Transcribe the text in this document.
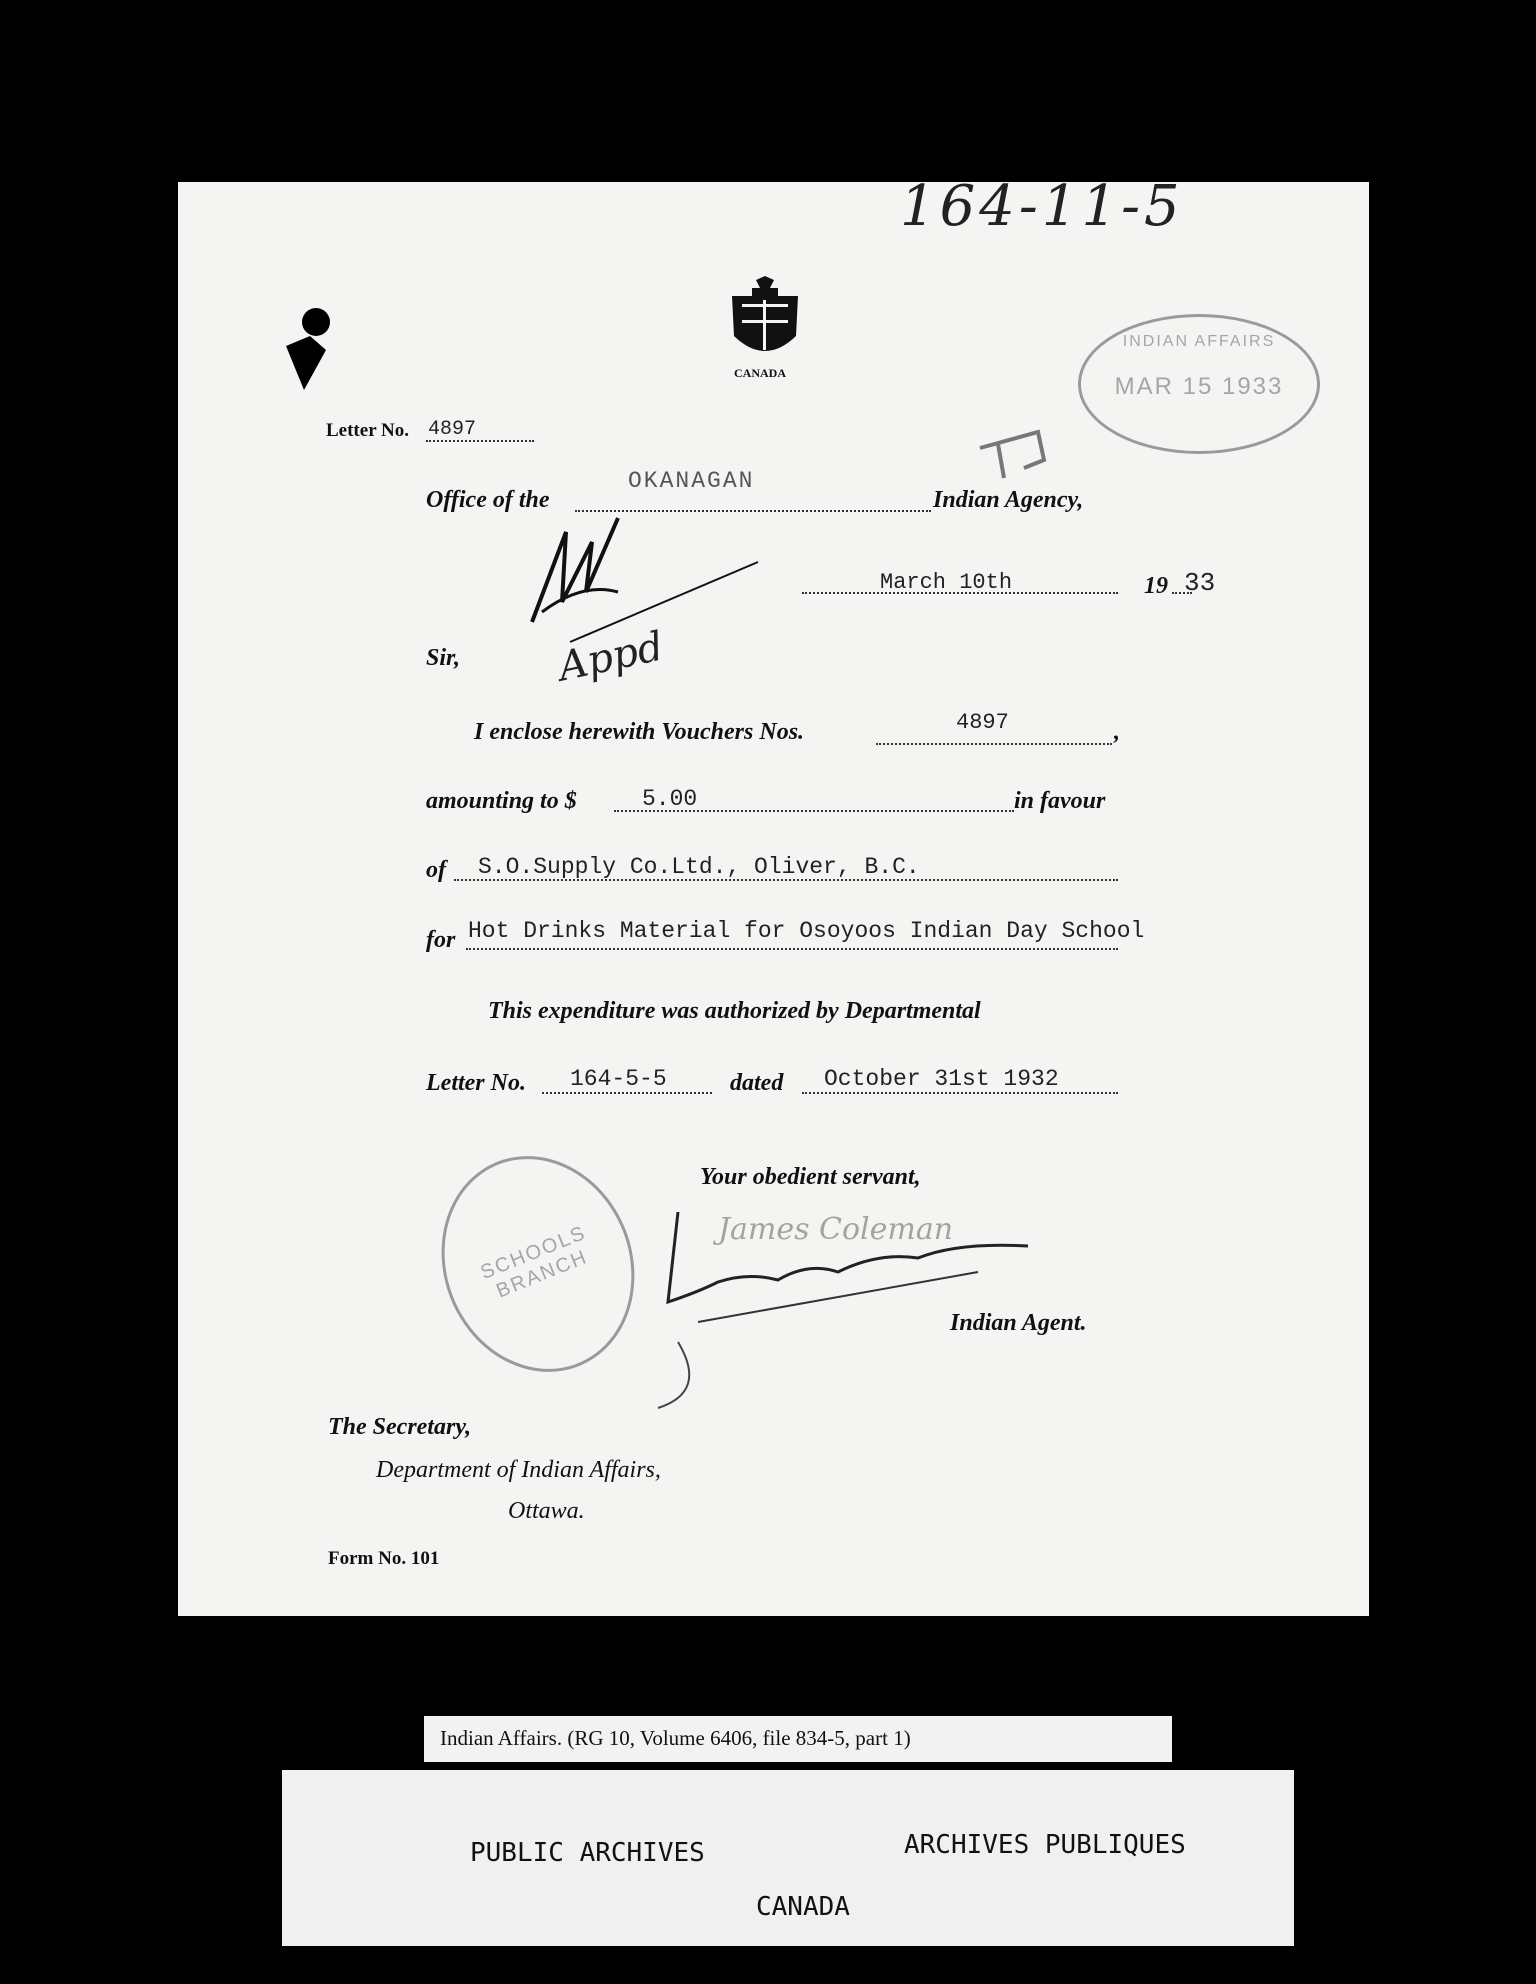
164-11-5
CANADA
INDIAN AFFAIRS
MAR 15 1933
Letter No. 4897
Office of the
OKANAGAN
Indian Agency,
Appd
March 10th	19 33
Sir,
I enclose herewith Vouchers Nos.	4897	,
amounting to $	5.00	in favour
of S.O.Supply Co.Ltd., Oliver, B.C.
for Hot Drinks Material for Osoyoos Indian Day School
This expenditure was authorized by Departmental
Letter No. 164-5-5	dated October 31st 1932
SCHOOLS BRANCH
Your obedient servant,
James Coleman
Indian Agent.
The Secretary,
Department of Indian Affairs,
Ottawa.
Form No. 101
Indian Affairs. (RG 10, Volume 6406, file 834-5, part 1)
PUBLIC ARCHIVES	ARCHIVES PUBLIQUES
CANADA
